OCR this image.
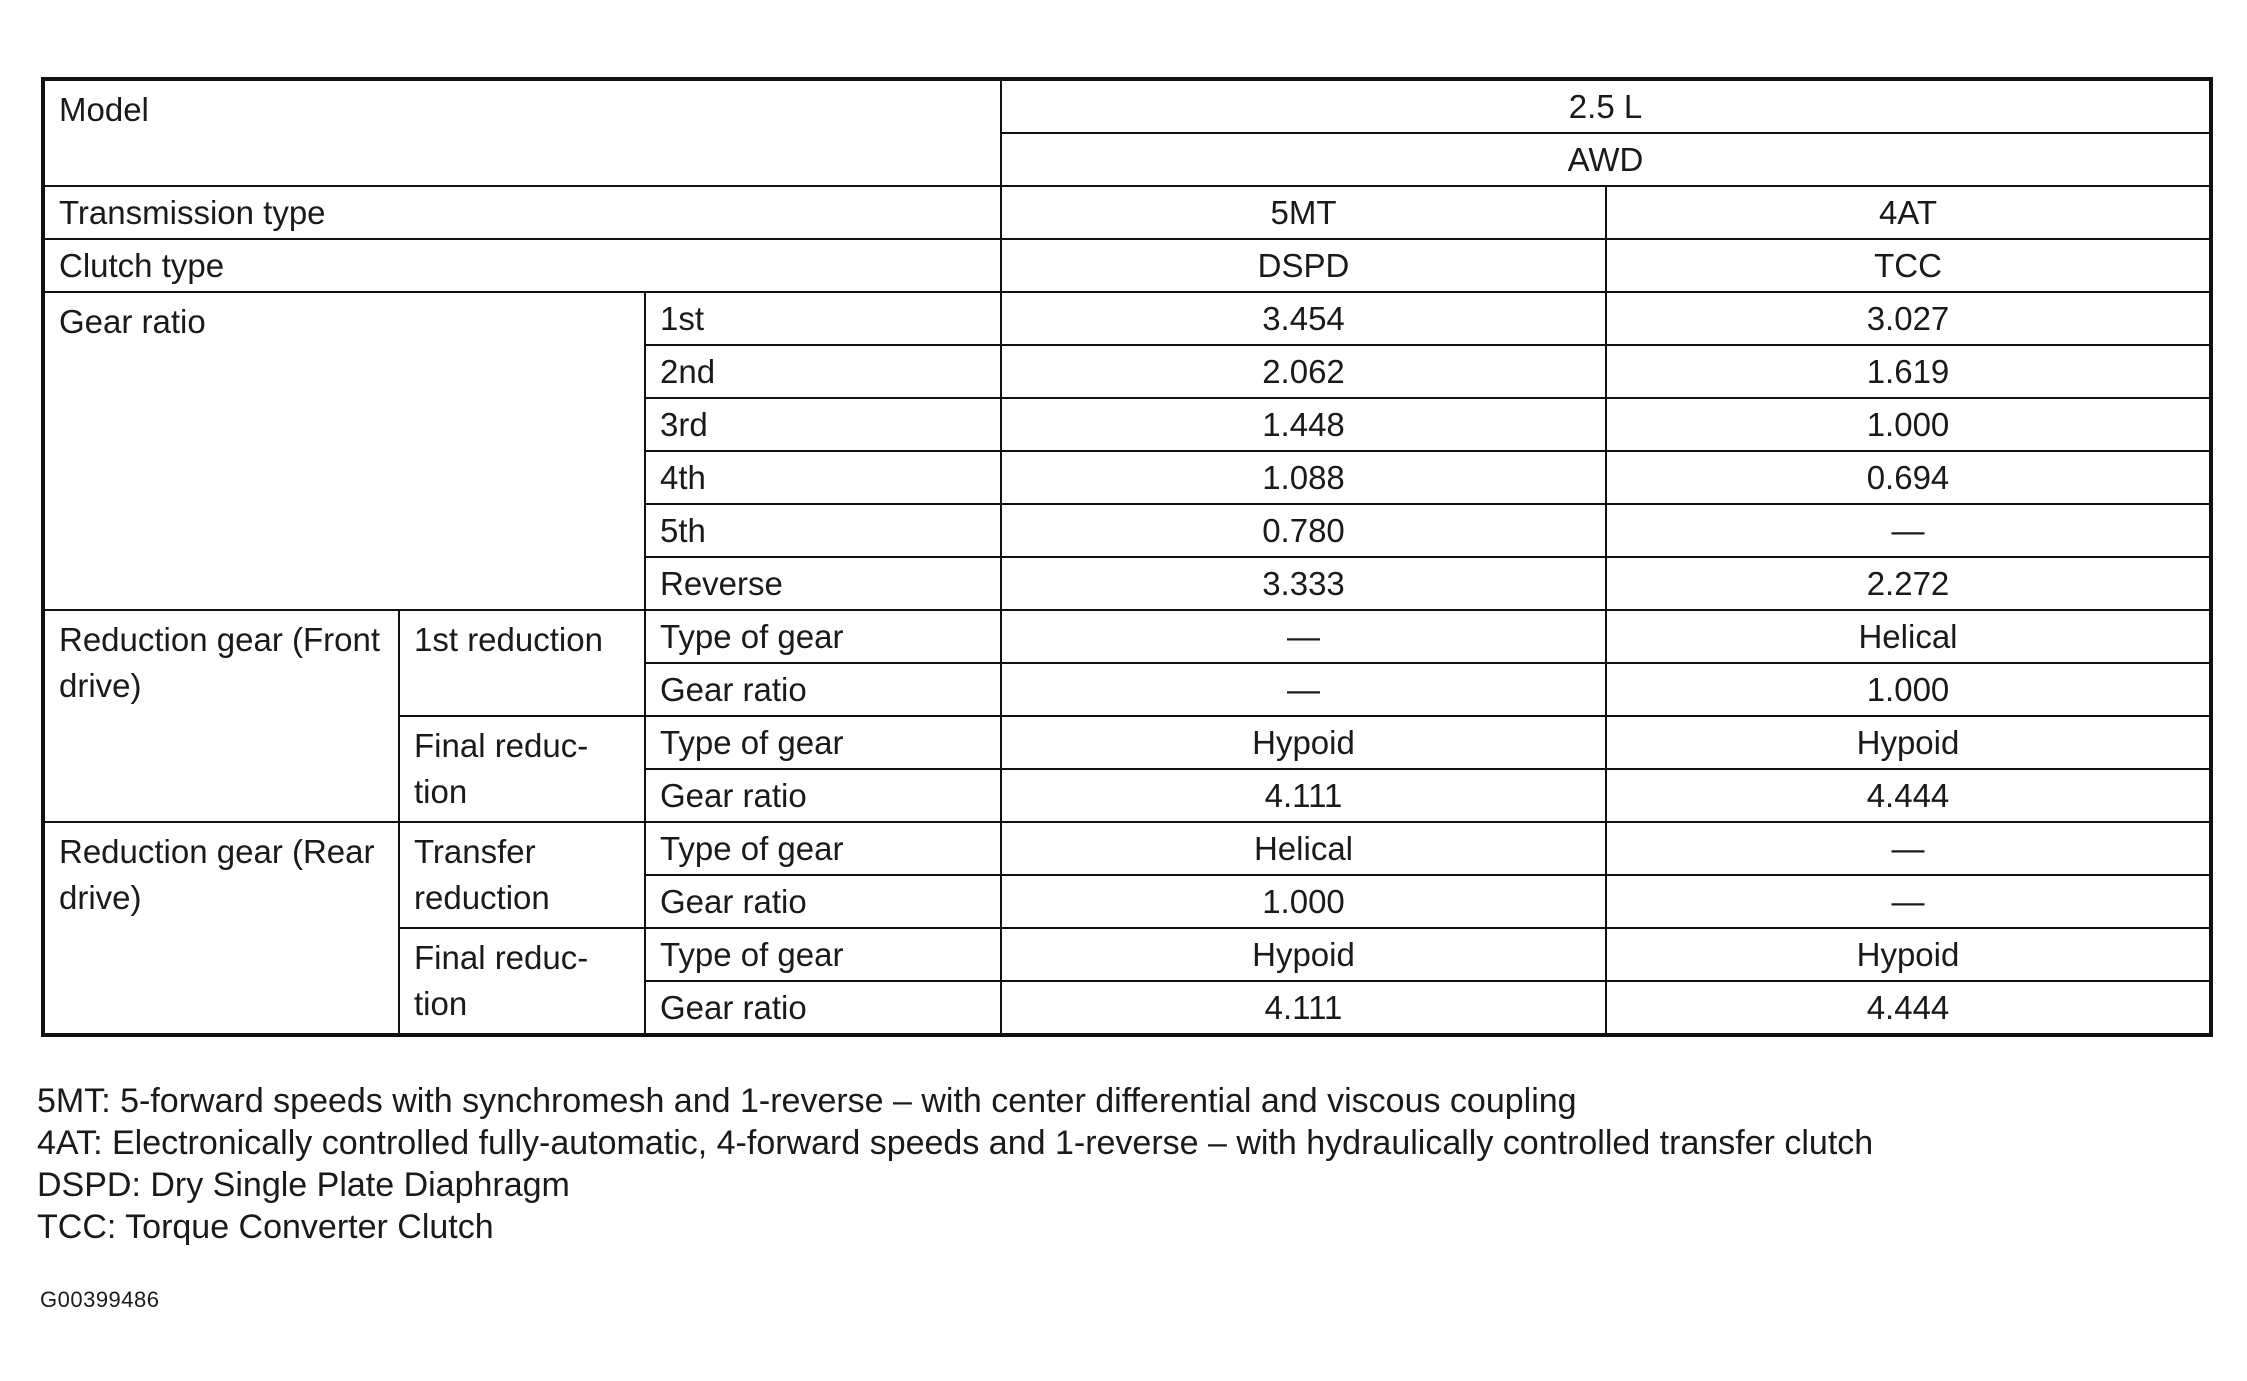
Model			2.5 L	
			AWD	
Transmission type			5MT	4AT
Clutch type			DSPD	TCC
Gear ratio		1st	3.454	3.027
		2nd	2.062	1.619
		3rd	1.448	1.000
		4th	1.088	0.694
		5th	0.780	—
		Reverse	3.333	2.272
Reduction gear (Front drive)	1st reduction	Type of gear	—	Helical
		Gear ratio	—	1.000
	Final reduc-tion	Type of gear	Hypoid	Hypoid
		Gear ratio	4.111	4.444
Reduction gear (Rear drive)	Transfer reduction	Type of gear	Helical	—
		Gear ratio	1.000	—
	Final reduc-tion	Type of gear	Hypoid	Hypoid
		Gear ratio	4.111	4.444
5MT: 5-forward speeds with synchromesh and 1-reverse – with center differential and viscous coupling
4AT: Electronically controlled fully-automatic, 4-forward speeds and 1-reverse – with hydraulically controlled transfer clutch
DSPD: Dry Single Plate Diaphragm
TCC: Torque Converter Clutch
G00399486
